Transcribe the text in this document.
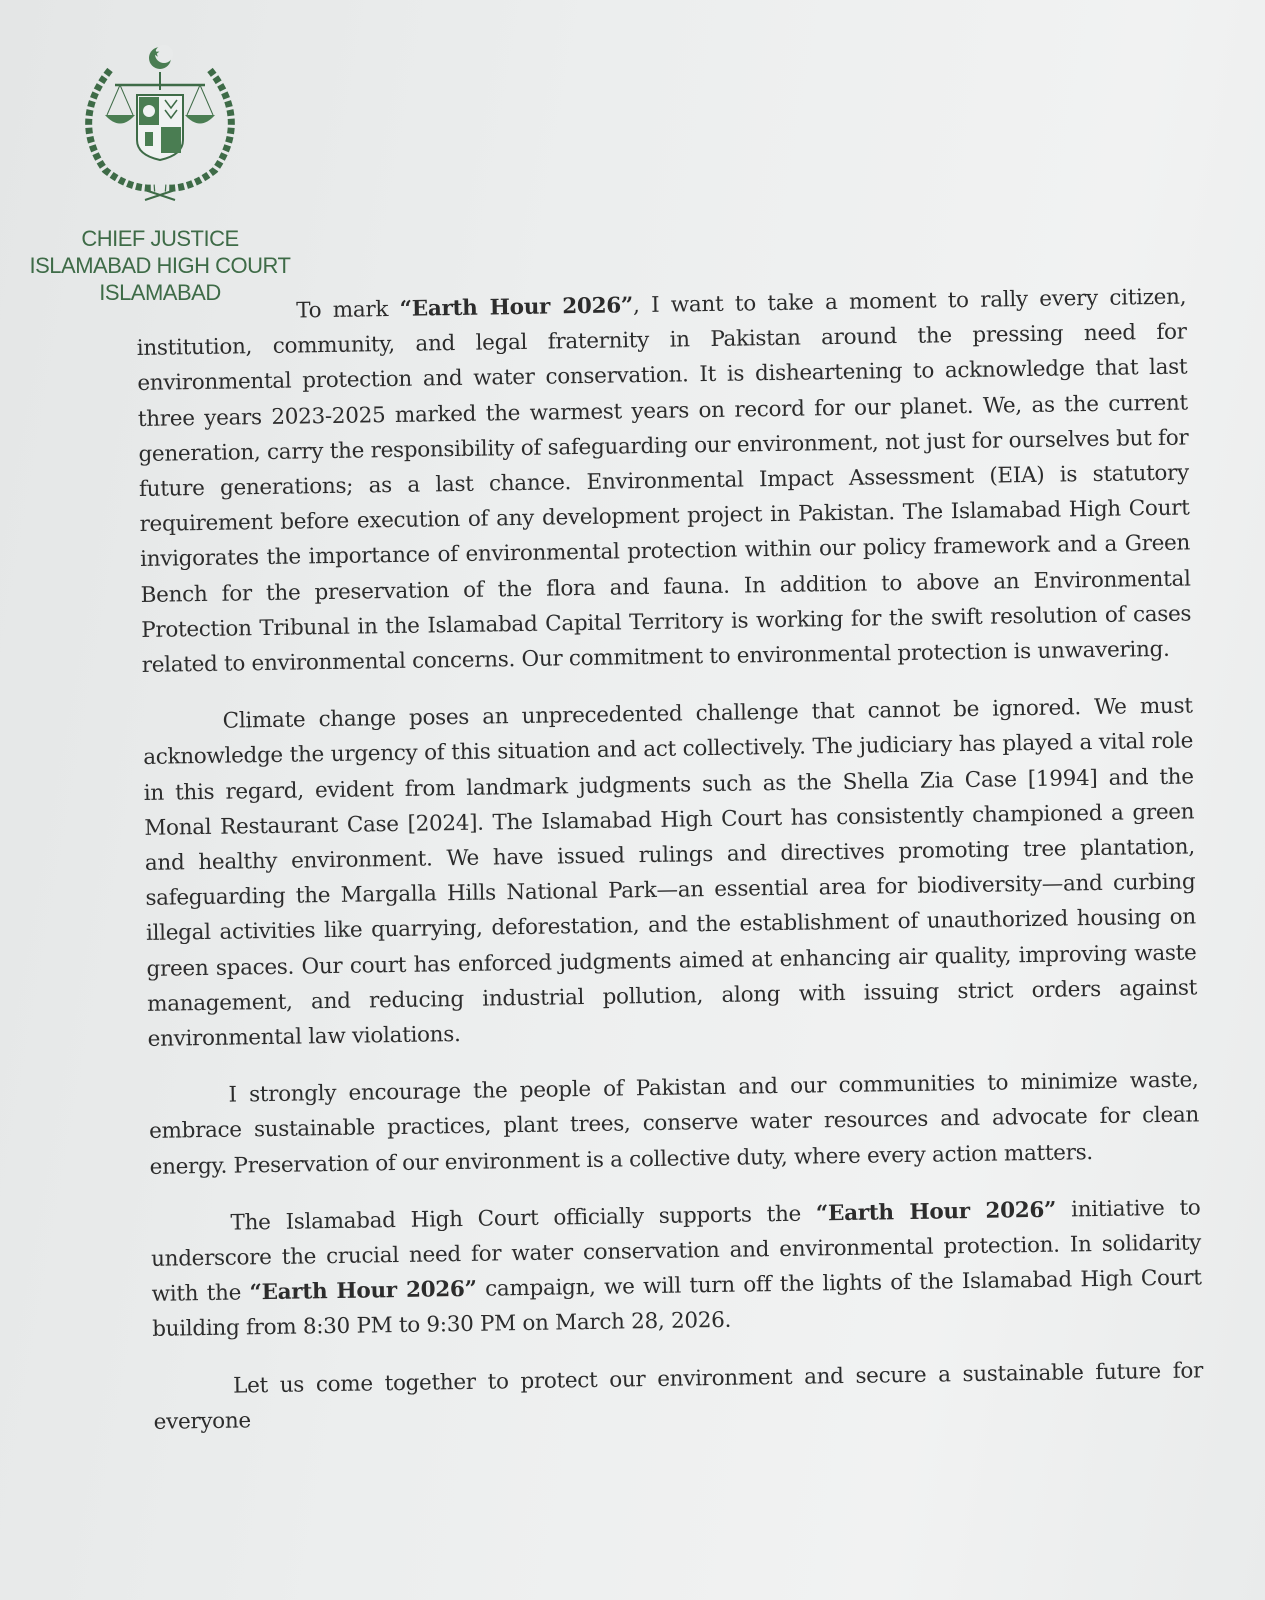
CHIEF JUSTICE
ISLAMABAD HIGH COURT
ISLAMABAD

To mark “Earth Hour 2026”, I want to take a moment to rally every citizen, institution, community, and legal fraternity in Pakistan around the pressing need for environmental protection and water conservation. It is disheartening to acknowledge that last three years 2023-2025 marked the warmest years on record for our planet. We, as the current generation, carry the responsibility of safeguarding our environment, not just for ourselves but for future generations; as a last chance. Environmental Impact Assessment (EIA) is statutory requirement before execution of any development project in Pakistan. The Islamabad High Court invigorates the importance of environmental protection within our policy framework and a Green Bench for the preservation of the flora and fauna. In addition to above an Environmental Protection Tribunal in the Islamabad Capital Territory is working for the swift resolution of cases related to environmental concerns. Our commitment to environmental protection is unwavering.

Climate change poses an unprecedented challenge that cannot be ignored. We must acknowledge the urgency of this situation and act collectively. The judiciary has played a vital role in this regard, evident from landmark judgments such as the Shella Zia Case [1994] and the Monal Restaurant Case [2024]. The Islamabad High Court has consistently championed a green and healthy environment. We have issued rulings and directives promoting tree plantation, safeguarding the Margalla Hills National Park—an essential area for biodiversity—and curbing illegal activities like quarrying, deforestation, and the establishment of unauthorized housing on green spaces. Our court has enforced judgments aimed at enhancing air quality, improving waste management, and reducing industrial pollution, along with issuing strict orders against environmental law violations.

I strongly encourage the people of Pakistan and our communities to minimize waste, embrace sustainable practices, plant trees, conserve water resources and advocate for clean energy. Preservation of our environment is a collective duty, where every action matters.

The Islamabad High Court officially supports the “Earth Hour 2026” initiative to underscore the crucial need for water conservation and environmental protection. In solidarity with the “Earth Hour 2026” campaign, we will turn off the lights of the Islamabad High Court building from 8:30 PM to 9:30 PM on March 28, 2026.

Let us come together to protect our environment and secure a sustainable future for everyone
